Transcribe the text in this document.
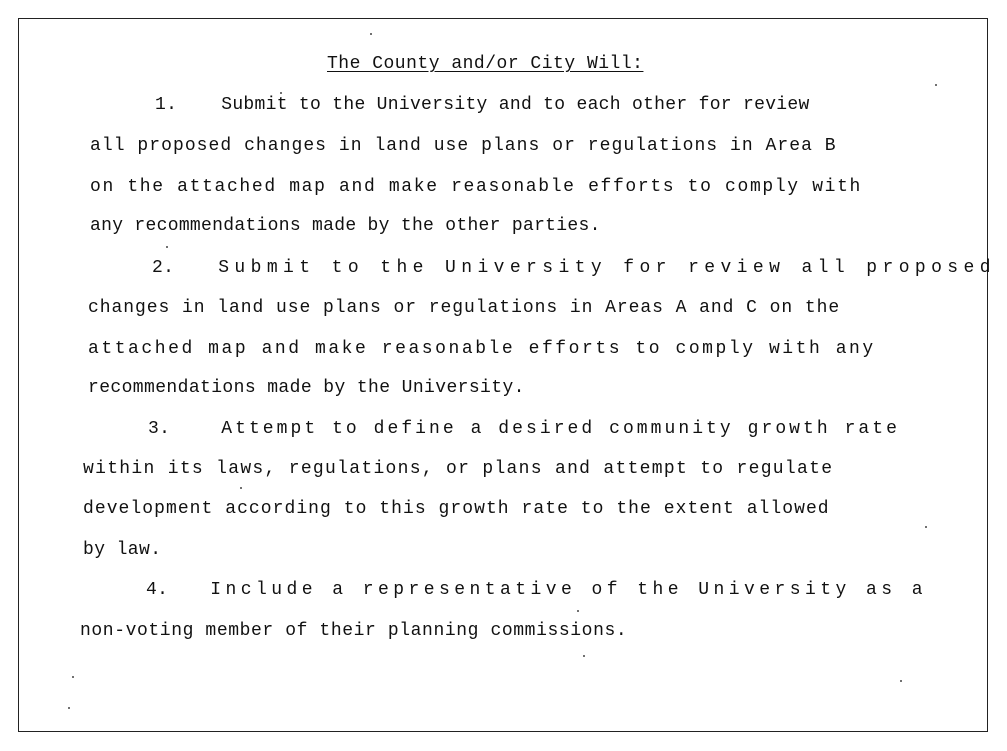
The County and/or City Will:
1. Submit to the University and to each other for review
all proposed changes in land use plans or regulations in Area B
on the attached map and make reasonable efforts to comply with
any recommendations made by the other parties.
2. Submit to the University for review all proposed
changes in land use plans or regulations in Areas A and C on the
attached map and make reasonable efforts to comply with any
recommendations made by the University.
3.	Attempt to define a desired community growth rate
within its laws, regulations, or plans and attempt to regulate
development according to this growth rate to the extent allowed
by law.
4. Include a representative of the University as a
non-voting member of their planning commissions.
